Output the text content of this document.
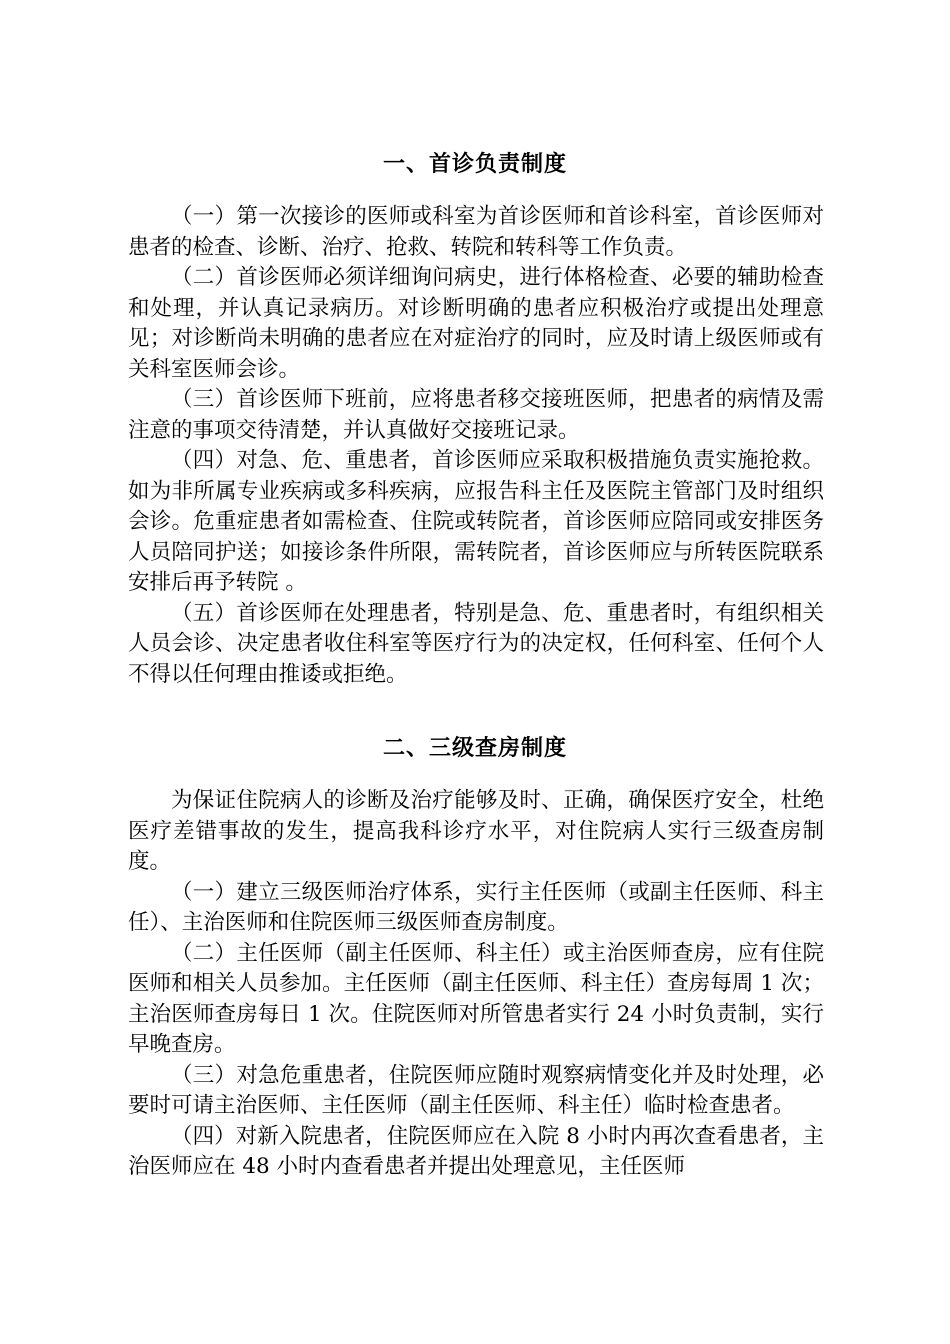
一、首诊负责制度

（一）第一次接诊的医师或科室为首诊医师和首诊科室，首诊医师对患者的检查、诊断、治疗、抢救、转院和转科等工作负责。

（二）首诊医师必须详细询问病史，进行体格检查、必要的辅助检查和处理，并认真记录病历。对诊断明确的患者应积极治疗或提出处理意见；对诊断尚未明确的患者应在对症治疗的同时，应及时请上级医师或有关科室医师会诊。

（三）首诊医师下班前，应将患者移交接班医师，把患者的病情及需注意的事项交待清楚，并认真做好交接班记录。

（四）对急、危、重患者，首诊医师应采取积极措施负责实施抢救。如为非所属专业疾病或多科疾病，应报告科主任及医院主管部门及时组织会诊。危重症患者如需检查、住院或转院者，首诊医师应陪同或安排医务人员陪同护送；如接诊条件所限，需转院者，首诊医师应与所转医院联系安排后再予转院 。

（五）首诊医师在处理患者，特别是急、危、重患者时，有组织相关人员会诊、决定患者收住科室等医疗行为的决定权，任何科室、任何个人不得以任何理由推诿或拒绝。

二、三级查房制度

为保证住院病人的诊断及治疗能够及时、正确，确保医疗安全，杜绝医疗差错事故的发生，提高我科诊疗水平，对住院病人实行三级查房制度。

（一）建立三级医师治疗体系，实行主任医师（或副主任医师、科主任）、主治医师和住院医师三级医师查房制度。

（二）主任医师（副主任医师、科主任）或主治医师查房，应有住院医师和相关人员参加。主任医师（副主任医师、科主任）查房每周 1 次；主治医师查房每日 1 次。住院医师对所管患者实行 24 小时负责制，实行早晚查房。

（三）对急危重患者，住院医师应随时观察病情变化并及时处理，必要时可请主治医师、主任医师（副主任医师、科主任）临时检查患者。

（四）对新入院患者，住院医师应在入院 8 小时内再次查看患者，主治医师应在 48 小时内查看患者并提出处理意见，主任医师
